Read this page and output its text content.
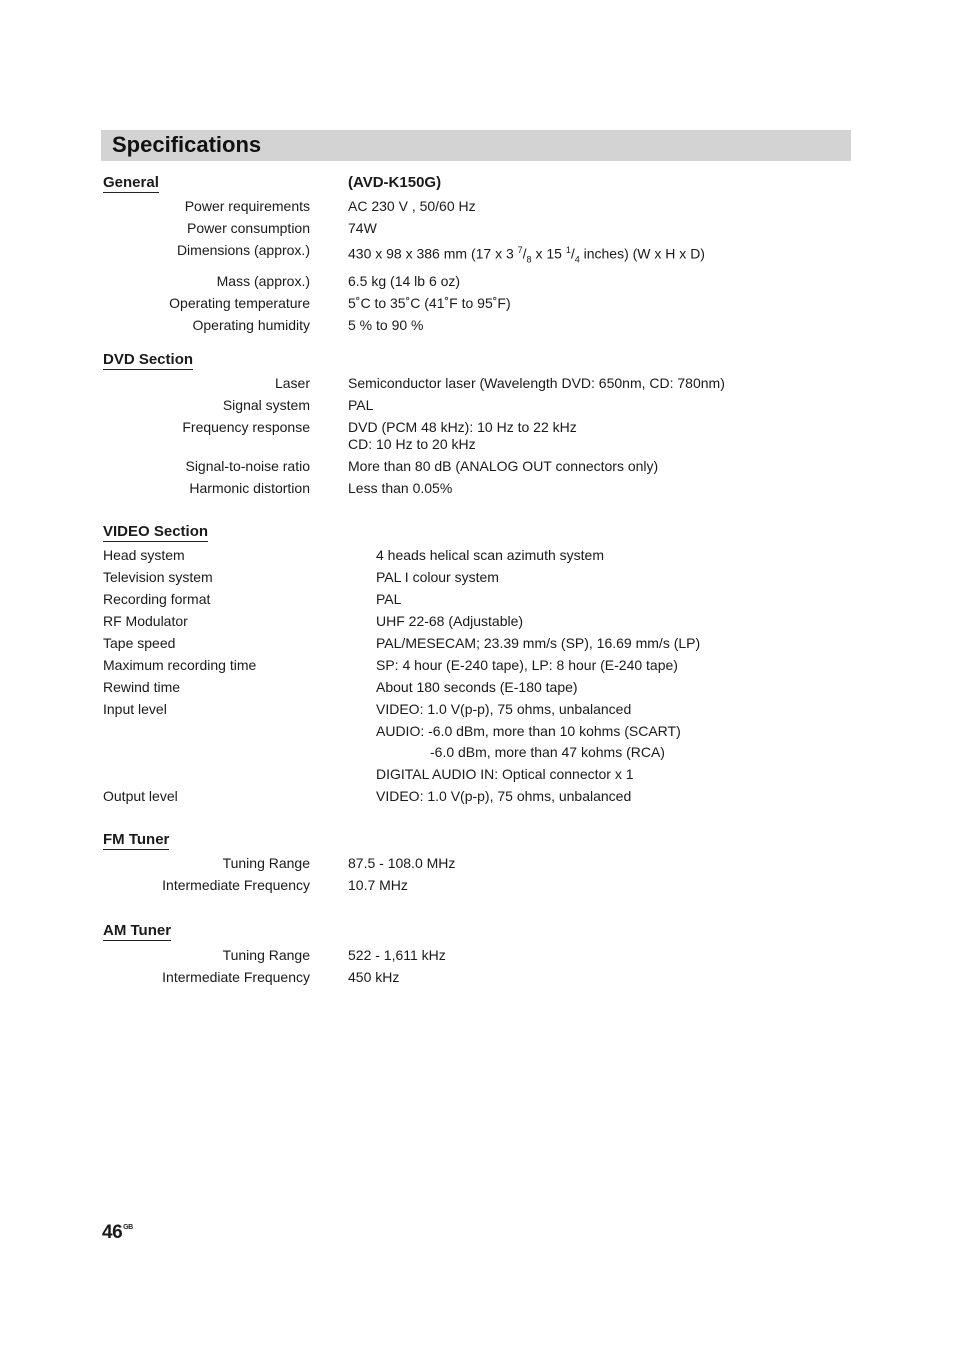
Specifications
General	(AVD-K150G)
Power requirements	AC 230 V , 50/60 Hz
Power consumption	74W
Dimensions (approx.)	430 x 98 x 386 mm (17 x 3 $^7/_8$ x 15 $^1/_4$ inches) (W x H x D)
Mass (approx.)	6.5 kg (14 lb 6 oz)
Operating temperature	5˚C to 35˚C (41˚F to 95˚F)
Operating humidity	5 % to 90 %
DVD Section
Laser	Semiconductor laser (Wavelength DVD: 650nm, CD: 780nm)
Signal system	PAL
Frequency response	DVD (PCM 48 kHz): 10 Hz to 22 kHz
CD: 10 Hz to 20 kHz
Signal-to-noise ratio	More than 80 dB (ANALOG OUT connectors only)
Harmonic distortion	Less than 0.05%
VIDEO Section
Head system	4 heads helical scan azimuth system
Television system	PAL I colour system
Recording format	PAL
RF Modulator	UHF 22-68 (Adjustable)
Tape speed	PAL/MESECAM; 23.39 mm/s (SP), 16.69 mm/s (LP)
Maximum recording time	SP: 4 hour (E-240 tape), LP: 8 hour (E-240 tape)
Rewind time	About 180 seconds (E-180 tape)
Input level	VIDEO: 1.0 V(p-p), 75 ohms, unbalanced
AUDIO: -6.0 dBm, more than 10 kohms (SCART)
-6.0 dBm, more than 47 kohms (RCA)
DIGITAL AUDIO IN: Optical connector x 1
Output level	VIDEO: 1.0 V(p-p), 75 ohms, unbalanced
FM Tuner
Tuning Range	87.5 - 108.0 MHz
Intermediate Frequency	10.7 MHz
AM Tuner
Tuning Range	522 - 1,611 kHz
Intermediate Frequency	450 kHz
$46^{GB}$
